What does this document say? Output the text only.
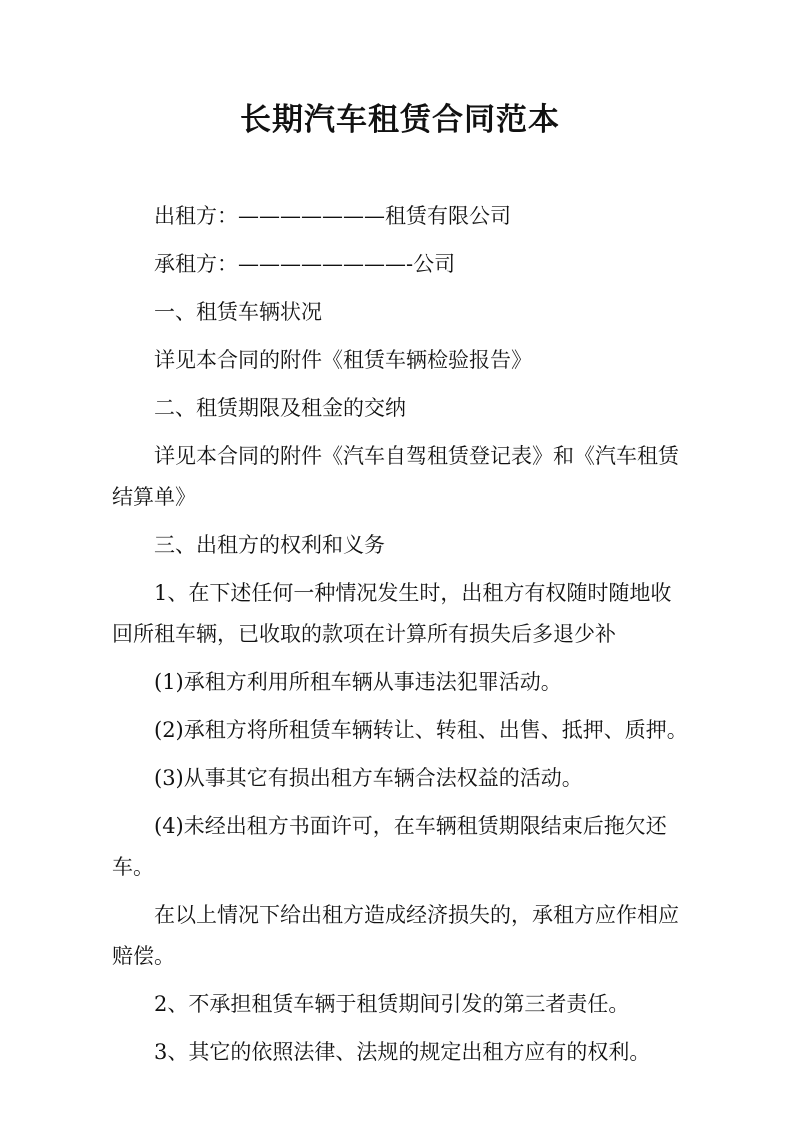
长期汽车租赁合同范本

出租方：———————租赁有限公司

承租方：————————-公司

一、租赁车辆状况

详见本合同的附件《租赁车辆检验报告》

二、租赁期限及租金的交纳

详见本合同的附件《汽车自驾租赁登记表》和《汽车租赁结算单》

三、出租方的权利和义务

1、在下述任何一种情况发生时，出租方有权随时随地收回所租车辆，已收取的款项在计算所有损失后多退少补

(1)承租方利用所租车辆从事违法犯罪活动。

(2)承租方将所租赁车辆转让、转租、出售、抵押、质押。

(3)从事其它有损出租方车辆合法权益的活动。

(4)未经出租方书面许可，在车辆租赁期限结束后拖欠还车。

在以上情况下给出租方造成经济损失的，承租方应作相应赔偿。

2、不承担租赁车辆于租赁期间引发的第三者责任。

3、其它的依照法律、法规的规定出租方应有的权利。
